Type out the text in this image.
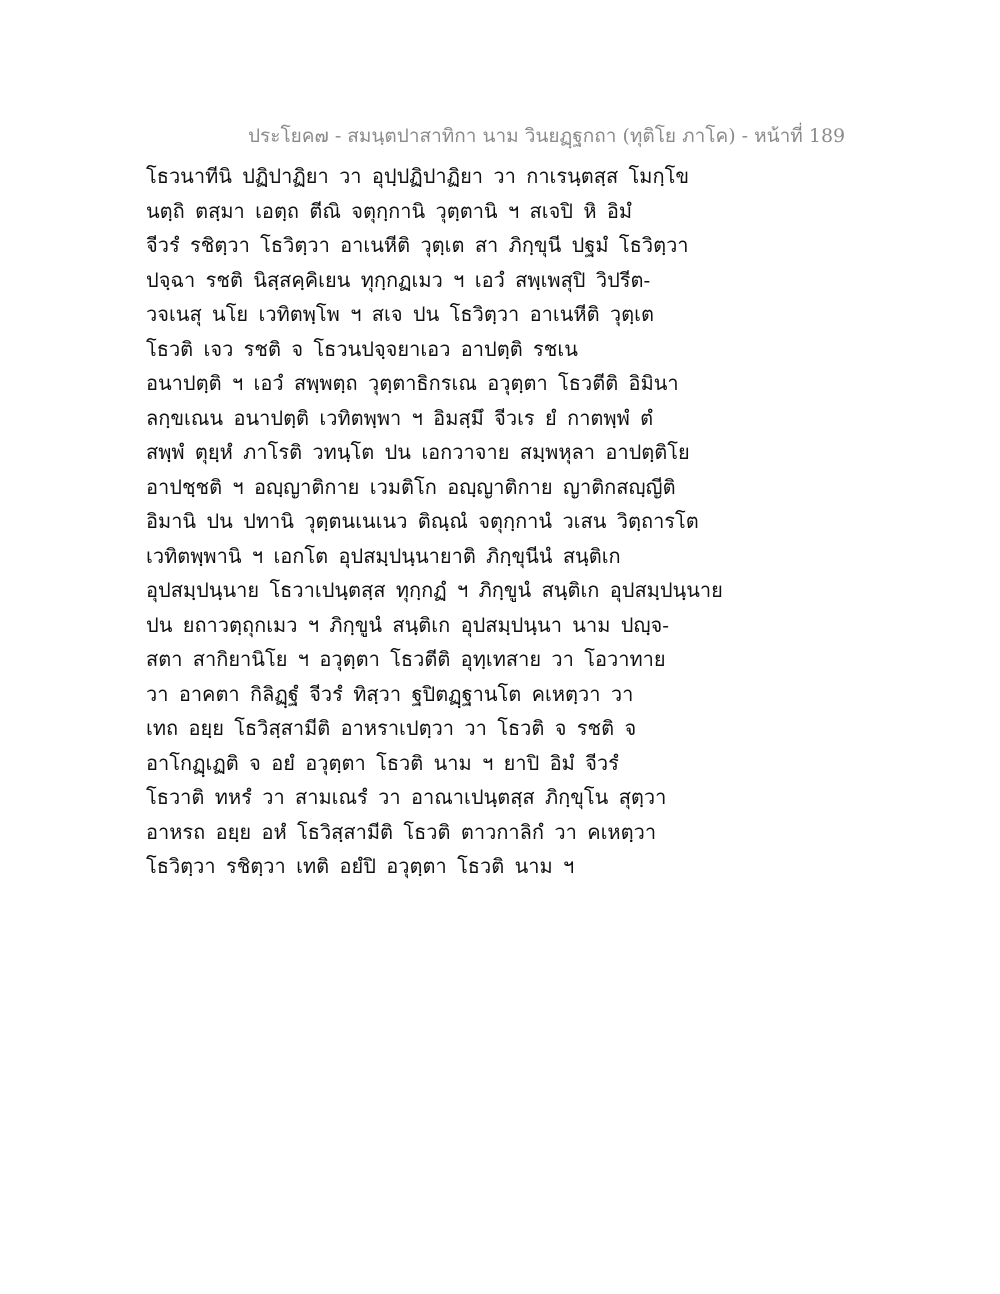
ประโยค๗ - สมนฺตปาสาทิกา นาม วินยฏฺฐกถา (ทุติโย ภาโค) - หน้าที่ 189
โธวนาทีนิ ปฏิปาฏิยา วา อุปฺปฏิปาฏิยา วา กาเรนฺตสฺส โมกฺโข
นตฺถิ ตสฺมา เอตฺถ ตีณิ จตุกฺกานิ วุตฺตานิ ฯ สเจปิ หิ อิมํ
จีวรํ รชิตฺวา โธวิตฺวา อาเนหีติ วุตฺเต สา ภิกฺขุนี ปฐมํ โธวิตฺวา
ปจฺฉา รชติ นิสฺสคฺคิเยน ทุกฺกฏเมว ฯ เอวํ สพฺเพสุปิ วิปรีต-
วจเนสุ นโย เวทิตพฺโพ ฯ สเจ ปน โธวิตฺวา อาเนหีติ วุตฺเต
โธวติ เจว รชติ จ โธวนปจฺจยาเอว อาปตฺติ รชเน
อนาปตฺติ ฯ เอวํ สพฺพตฺถ วุตฺตาธิกรเณ อวุตฺตา โธวตีติ อิมินา
ลกฺขเณน อนาปตฺติ เวทิตพฺพา ฯ อิมสฺมึ จีวเร ยํ กาตพฺพํ ตํ
สพฺพํ ตุยฺหํ ภาโรติ วทนฺโต ปน เอกวาจาย สมฺพหุลา อาปตฺติโย
อาปชฺชติ ฯ อญฺญาติกาย เวมติโก อญฺญาติกาย ญาติกสญฺญีติ
อิมานิ ปน ปทานิ วุตฺตนเนเนว ติณฺณํ จตุกฺกานํ วเสน วิตฺถารโต
เวทิตพฺพานิ ฯ เอกโต อุปสมฺปนฺนายาติ ภิกฺขุนีนํ สนฺติเก
อุปสมฺปนฺนาย โธวาเปนฺตสฺส ทุกฺกฏํ ฯ ภิกฺขูนํ สนฺติเก อุปสมฺปนฺนาย
ปน ยถาวตฺถุกเมว ฯ ภิกฺขูนํ สนฺติเก อุปสมฺปนฺนา นาม ปญฺจ-
สตา สากิยานิโย ฯ อวุตฺตา โธวตีติ อุทฺเทสาย วา โอวาทาย
วา อาคตา กิลิฏฺฐํ จีวรํ ทิสฺวา ฐปิตฏฺฐานโต คเหตฺวา วา
เทถ อยฺย โธวิสฺสามีติ อาหราเปตฺวา วา โธวติ จ รชติ จ
อาโกฏฺเฏติ จ อยํ อวุตฺตา โธวติ นาม ฯ ยาปิ อิมํ จีวรํ
โธวาติ ทหรํ วา สามเณรํ วา อาณาเปนฺตสฺส ภิกฺขุโน สุตฺวา
อาหรถ อยฺย อหํ โธวิสฺสามีติ โธวติ ตาวกาลิกํ วา คเหตฺวา
โธวิตฺวา รชิตฺวา เทติ อยํปิ อวุตฺตา โธวติ นาม ฯ
